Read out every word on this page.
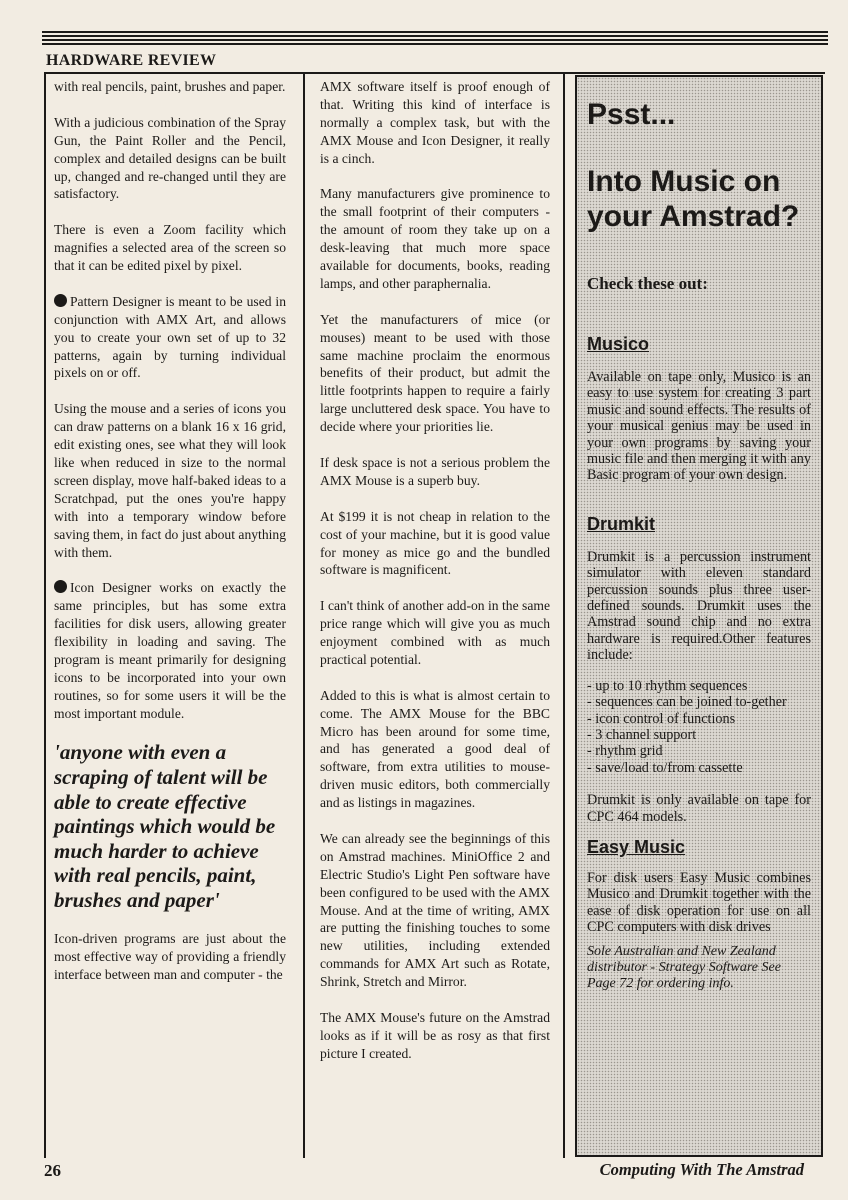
HARDWARE REVIEW

with real pencils, paint, brushes and paper.

With a judicious combination of the Spray Gun, the Paint Roller and the Pencil, complex and detailed designs can be built up, changed and re-changed until they are satisfactory.

There is even a Zoom facility which magnifies a selected area of the screen so that it can be edited pixel by pixel.

Pattern Designer is meant to be used in conjunction with AMX Art, and allows you to create your own set of up to 32 patterns, again by turning individual pixels on or off.

Using the mouse and a series of icons you can draw patterns on a blank 16 x 16 grid, edit existing ones, see what they will look like when reduced in size to the normal screen display, move half-baked ideas to a Scratchpad, put the ones you're happy with into a temporary window before saving them, in fact do just about anything with them.

Icon Designer works on exactly the same principles, but has some extra facilities for disk users, allowing greater flexibility in loading and saving. The program is meant primarily for designing icons to be incorporated into your own routines, so for some users it will be the most important module.

'anyone with even a scraping of talent will be able to create effective paintings which would be much harder to achieve with real pencils, paint, brushes and paper'

Icon-driven programs are just about the most effective way of providing a friendly interface between man and computer - the

AMX software itself is proof enough of that. Writing this kind of interface is normally a complex task, but with the AMX Mouse and Icon Designer, it really is a cinch.

Many manufacturers give prominence to the small footprint of their computers - the amount of room they take up on a desk-leaving that much more space available for documents, books, reading lamps, and other paraphernalia.

Yet the manufacturers of mice (or mouses) meant to be used with those same machine proclaim the enormous benefits of their product, but admit the little footprints happen to require a fairly large uncluttered desk space. You have to decide where your priorities lie.

If desk space is not a serious problem the AMX Mouse is a superb buy.

At $199 it is not cheap in relation to the cost of your machine, but it is good value for money as mice go and the bundled software is magnificent.

I can't think of another add-on in the same price range which will give you as much enjoyment combined with as much practical potential.

Added to this is what is almost certain to come. The AMX Mouse for the BBC Micro has been around for some time, and has generated a good deal of software, from extra utilities to mouse-driven music editors, both commercially and as listings in magazines.

We can already see the beginnings of this on Amstrad machines. MiniOffice 2 and Electric Studio's Light Pen software have been configured to be used with the AMX Mouse. And at the time of writing, AMX are putting the finishing touches to some new utilities, including extended commands for AMX Art such as Rotate, Shrink, Stretch and Mirror.

The AMX Mouse's future on the Amstrad looks as if it will be as rosy as that first picture I created.

Psst...

Into Music on your Amstrad?

Check these out:

Musico

Available on tape only, Musico is an easy to use system for creating 3 part music and sound effects. The results of your musical genius may be used in your own programs by saving your music file and then merging it with any Basic program of your own design.

Drumkit

Drumkit is a percussion instrument simulator with eleven standard percussion sounds plus three user-defined sounds. Drumkit uses the Amstrad sound chip and no extra hardware is required.Other features include:

- up to 10 rhythm sequences
- sequences can be joined to-gether
- icon control of functions
- 3 channel support
- rhythm grid
- save/load to/from cassette

Drumkit is only available on tape for CPC 464 models.

Easy Music

For disk users Easy Music combines Musico and Drumkit together with the ease of disk operation for use on all CPC computers with disk drives

Sole Australian and New Zealand distributor - Strategy Software See Page 72 for ordering info.

26	Computing With The Amstrad
